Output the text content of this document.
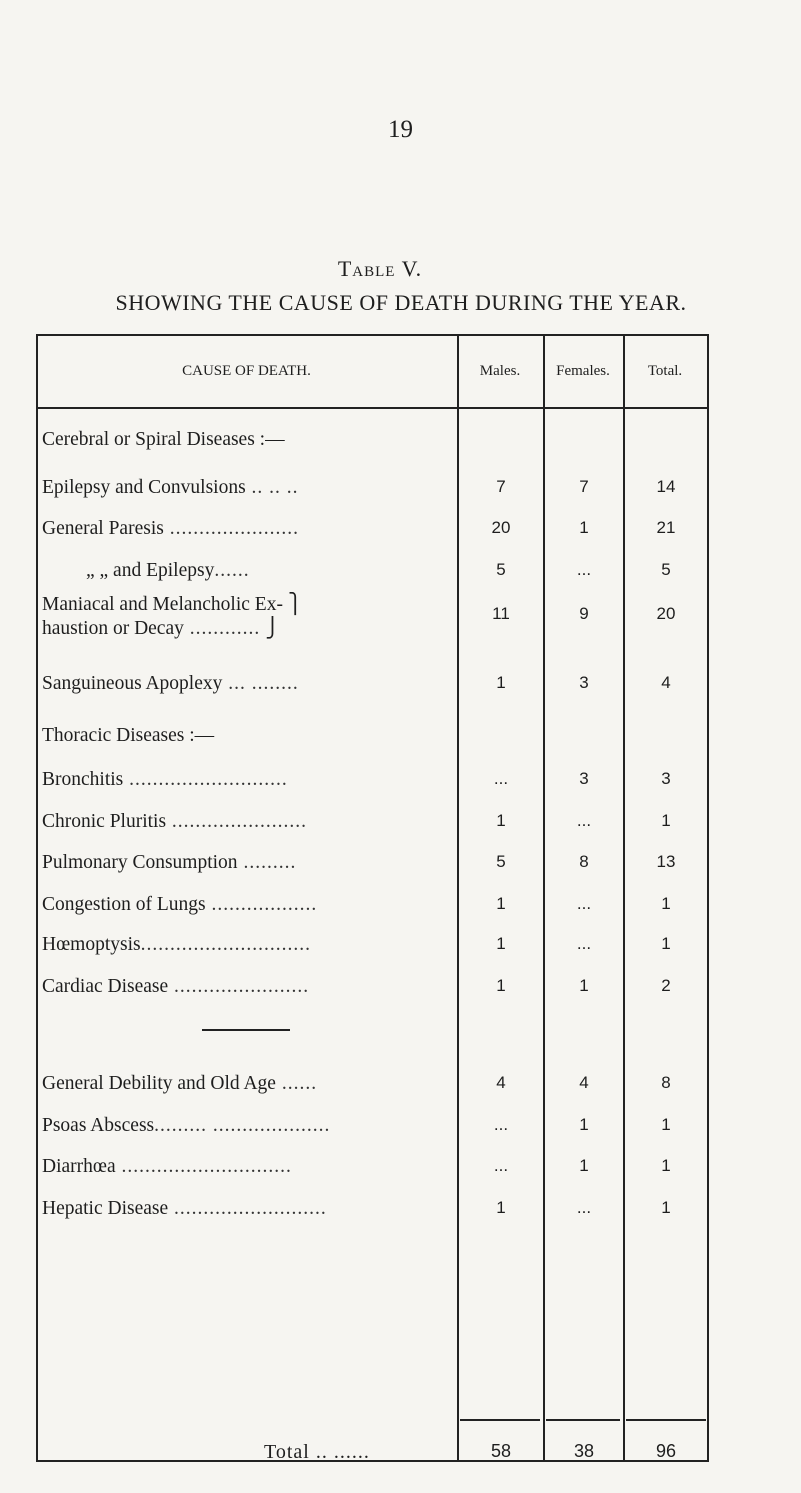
19
Table V.
SHOWING THE CAUSE OF DEATH DURING THE YEAR.
CAUSE OF DEATH.	Males.	Females.	Total.
Cerebral or Spiral Diseases :—
Epilepsy and Convulsions .. .. ..	7	7	14
General Paresis ......................	20	1	21
„ „ and Epilepsy......	5	...	5
Maniacal and Melancholic Ex- ⎫
haustion or Decay ............ ⎭
11	9	20
Sanguineous Apoplexy ... ........	1	3	4
Thoracic Diseases :—
Bronchitis ...........................	...	3	3
Chronic Pluritis .......................	1	...	1
Pulmonary Consumption .........	5	8	13
Congestion of Lungs ..................	1	...	1
Hœmoptysis.............................	1	...	1
Cardiac Disease .......................	1	1	2
General Debility and Old Age ......	4	4	8
Psoas Abscess......... ....................	...	1	1
Diarrhœa .............................	...	1	1
Hepatic Disease ..........................	1	...	1
Total .. ......	58	38	96
